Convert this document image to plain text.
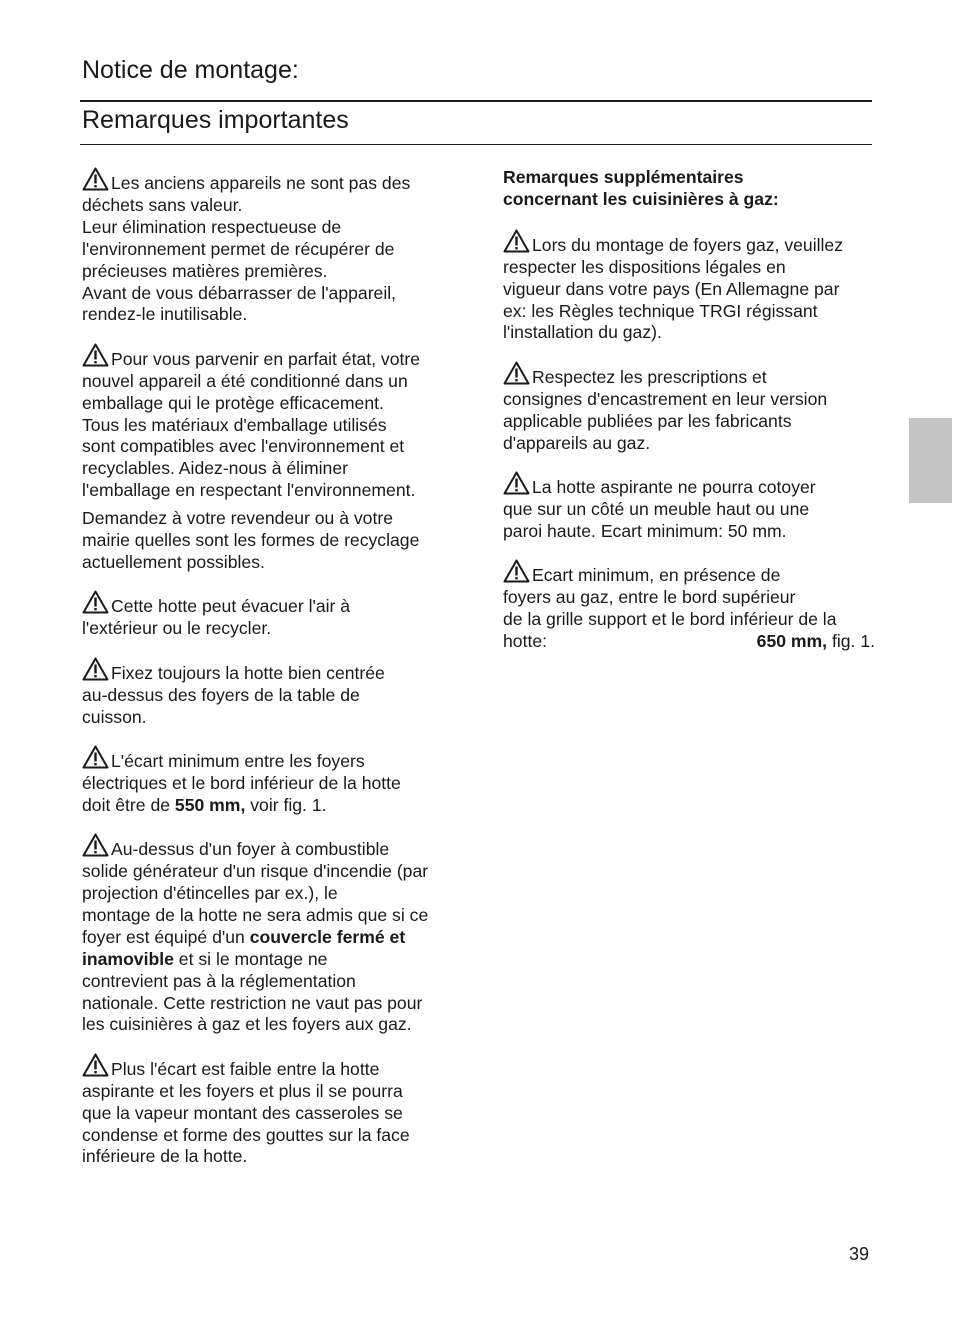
Notice de montage:
Remarques importantes

Les anciens appareils ne sont pas des
déchets sans valeur.
Leur élimination respectueuse de
l'environnement permet de récupérer de
précieuses matières premières.
Avant de vous débarrasser de l'appareil,
rendez-le inutilisable.

Pour vous parvenir en parfait état, votre
nouvel appareil a été conditionné dans un
emballage qui le protège efficacement.
Tous les matériaux d'emballage utilisés
sont compatibles avec l'environnement et
recyclables. Aidez-nous à éliminer
l'emballage en respectant l'environnement.

Demandez à votre revendeur ou à votre
mairie quelles sont les formes de recyclage
actuellement possibles.

Cette hotte peut évacuer l'air à
l'extérieur ou le recycler.

Fixez toujours la hotte bien centrée
au-dessus des foyers de la table de
cuisson.

L'écart minimum entre les foyers
électriques et le bord inférieur de la hotte
doit être de 550 mm, voir fig. 1.

Au-dessus d'un foyer à combustible
solide générateur d'un risque d'incendie (par
projection d'étincelles par ex.), le
montage de la hotte ne sera admis que si ce
foyer est équipé d'un couvercle fermé et
inamovible et si le montage ne
contrevient pas à la réglementation
nationale. Cette restriction ne vaut pas pour
les cuisinières à gaz et les foyers aux gaz.

Plus l'écart est faible entre la hotte
aspirante et les foyers et plus il se pourra
que la vapeur montant des casseroles se
condense et forme des gouttes sur la face
inférieure de la hotte.

Remarques supplémentaires
concernant les cuisinières à gaz:

Lors du montage de foyers gaz, veuillez
respecter les dispositions légales en
vigueur dans votre pays (En Allemagne par
ex: les Règles technique TRGI régissant
l'installation du gaz).

Respectez les prescriptions et
consignes d'encastrement en leur version
applicable publiées par les fabricants
d'appareils au gaz.

La hotte aspirante ne pourra cotoyer
que sur un côté un meuble haut ou une
paroi haute. Ecart minimum: 50 mm.

Ecart minimum, en présence de
foyers au gaz, entre le bord supérieur
de la grille support et le bord inférieur de la

hotte:	650 mm, fig. 1.

39
